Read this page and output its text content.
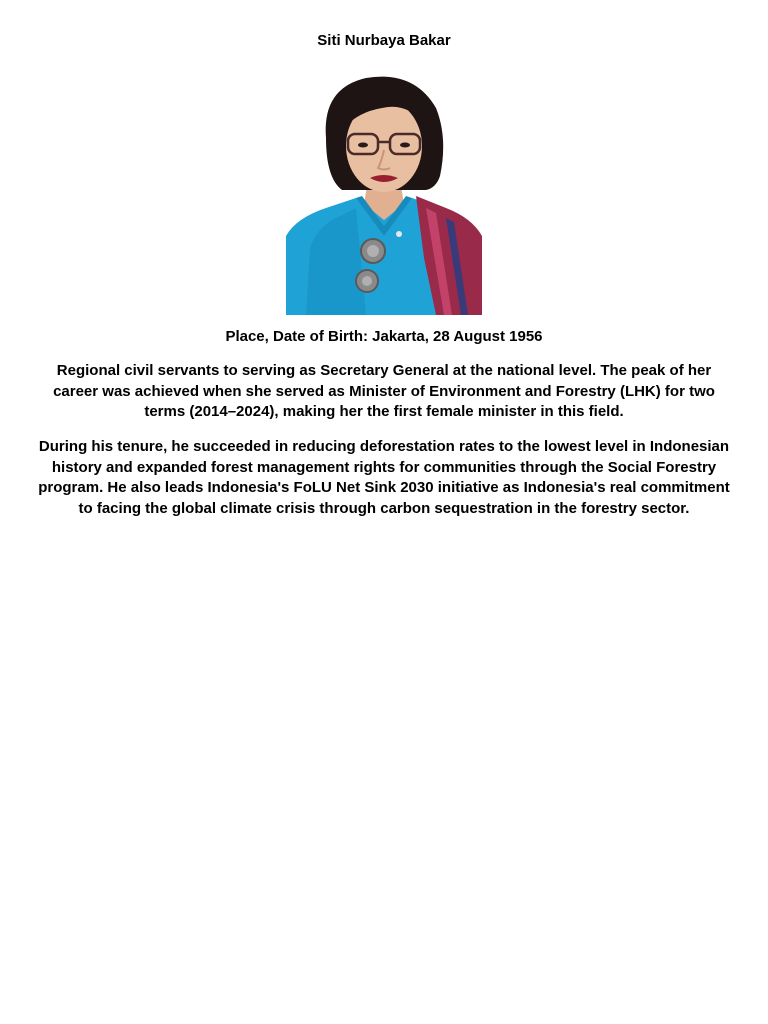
Siti Nurbaya Bakar
Place, Date of Birth: Jakarta, 28 August 1956

Regional civil servants to serving as Secretary General at the national level. The peak of her career was achieved when she served as Minister of Environment and Forestry (LHK) for two terms (2014–2024), making her the first female minister in this field.

During his tenure, he succeeded in reducing deforestation rates to the lowest level in Indonesian history and expanded forest management rights for communities through the Social Forestry program. He also leads Indonesia's FoLU Net Sink 2030 initiative as Indonesia's real commitment to facing the global climate crisis through carbon sequestration in the forestry sector.
